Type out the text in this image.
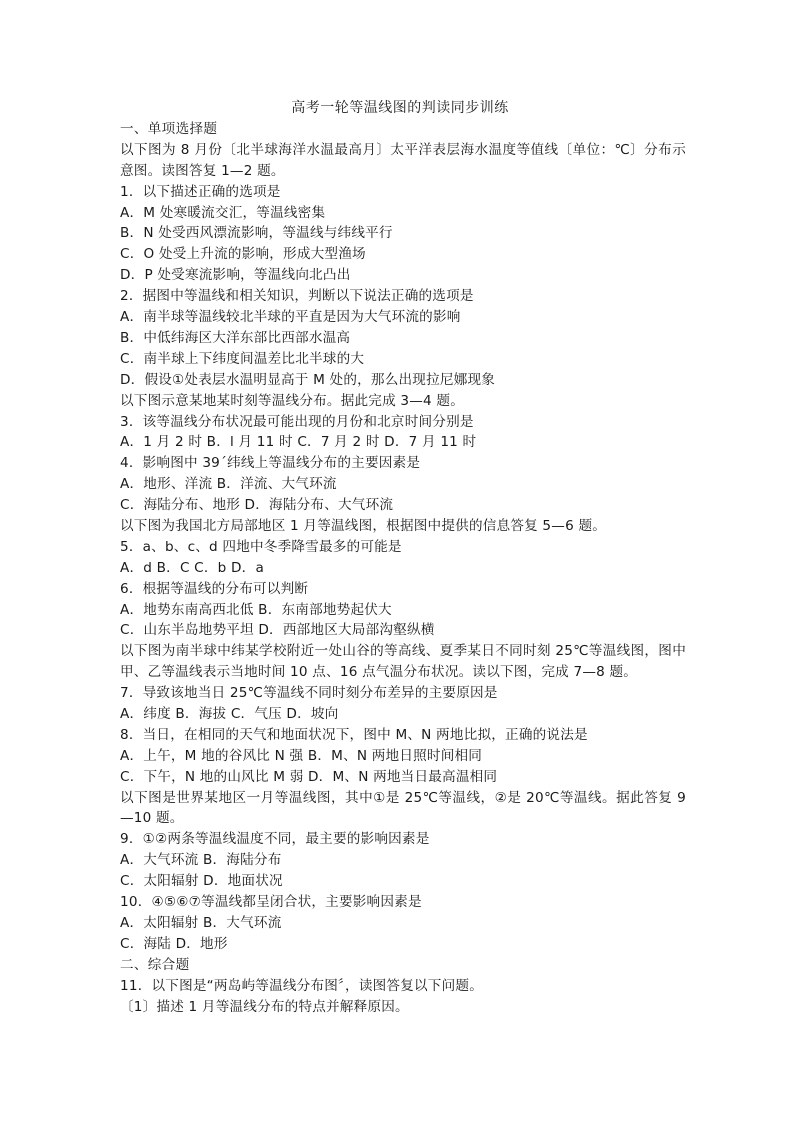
高考一轮等温线图的判读同步训练
一、单项选择题
以下图为 8 月份〔北半球海洋水温最高月〕太平洋表层海水温度等值线〔单位：℃〕分布示意图。读图答复 1—2 题。
1．以下描述正确的选项是
A．M 处寒暖流交汇，等温线密集
B．N 处受西风漂流影响，等温线与纬线平行
C．O 处受上升流的影响，形成大型渔场
D．P 处受寒流影响，等温线向北凸出
2．据图中等温线和相关知识，判断以下说法正确的选项是
A．南半球等温线较北半球的平直是因为大气环流的影响
B．中低纬海区大洋东部比西部水温高
C．南半球上下纬度间温差比北半球的大
D．假设①处表层水温明显高于 M 处的，那么出现拉尼娜现象
以下图示意某地某时刻等温线分布。据此完成 3—4 题。
3．该等温线分布状况最可能出现的月份和北京时间分别是
A．1 月 2 时 B．l 月 11 时 C．7 月 2 时 D．7 月 11 时
4．影响图中 39ˊ纬线上等温线分布的主要因素是
A．地形、洋流 B．洋流、大气环流
C．海陆分布、地形 D．海陆分布、大气环流
以下图为我国北方局部地区 1 月等温线图，根据图中提供的信息答复 5—6 题。
5．a、b、c、d 四地中冬季降雪最多的可能是
A．d B．C C．b D．a
6．根据等温线的分布可以判断
A．地势东南高西北低 B．东南部地势起伏大
C．山东半岛地势平坦 D．西部地区大局部沟壑纵横
以下图为南半球中纬某学校附近一处山谷的等高线、夏季某日不同时刻 25℃等温线图，图中甲、乙等温线表示当地时间 10 点、16 点气温分布状况。读以下图，完成 7—8 题。
7．导致该地当日 25℃等温线不同时刻分布差异的主要原因是
A．纬度 B．海拔 C．气压 D．坡向
8．当日，在相同的天气和地面状况下，图中 M、N 两地比拟，正确的说法是
A．上午，M 地的谷风比 N 强 B．M、N 两地日照时间相同
C．下午，N 地的山风比 M 弱 D．M、N 两地当日最高温相同
以下图是世界某地区一月等温线图，其中①是 25℃等温线，②是 20℃等温线。据此答复 9—10 题。
9．①②两条等温线温度不同，最主要的影响因素是
A．大气环流 B．海陆分布
C．太阳辐射 D．地面状况
10．④⑤⑥⑦等温线都呈闭合状，主要影响因素是
A．太阳辐射 B．大气环流
C．海陆 D．地形
二、综合题
11．以下图是“两岛屿等温线分布图〞，读图答复以下问题。
〔1〕描述 1 月等温线分布的特点并解释原因。
